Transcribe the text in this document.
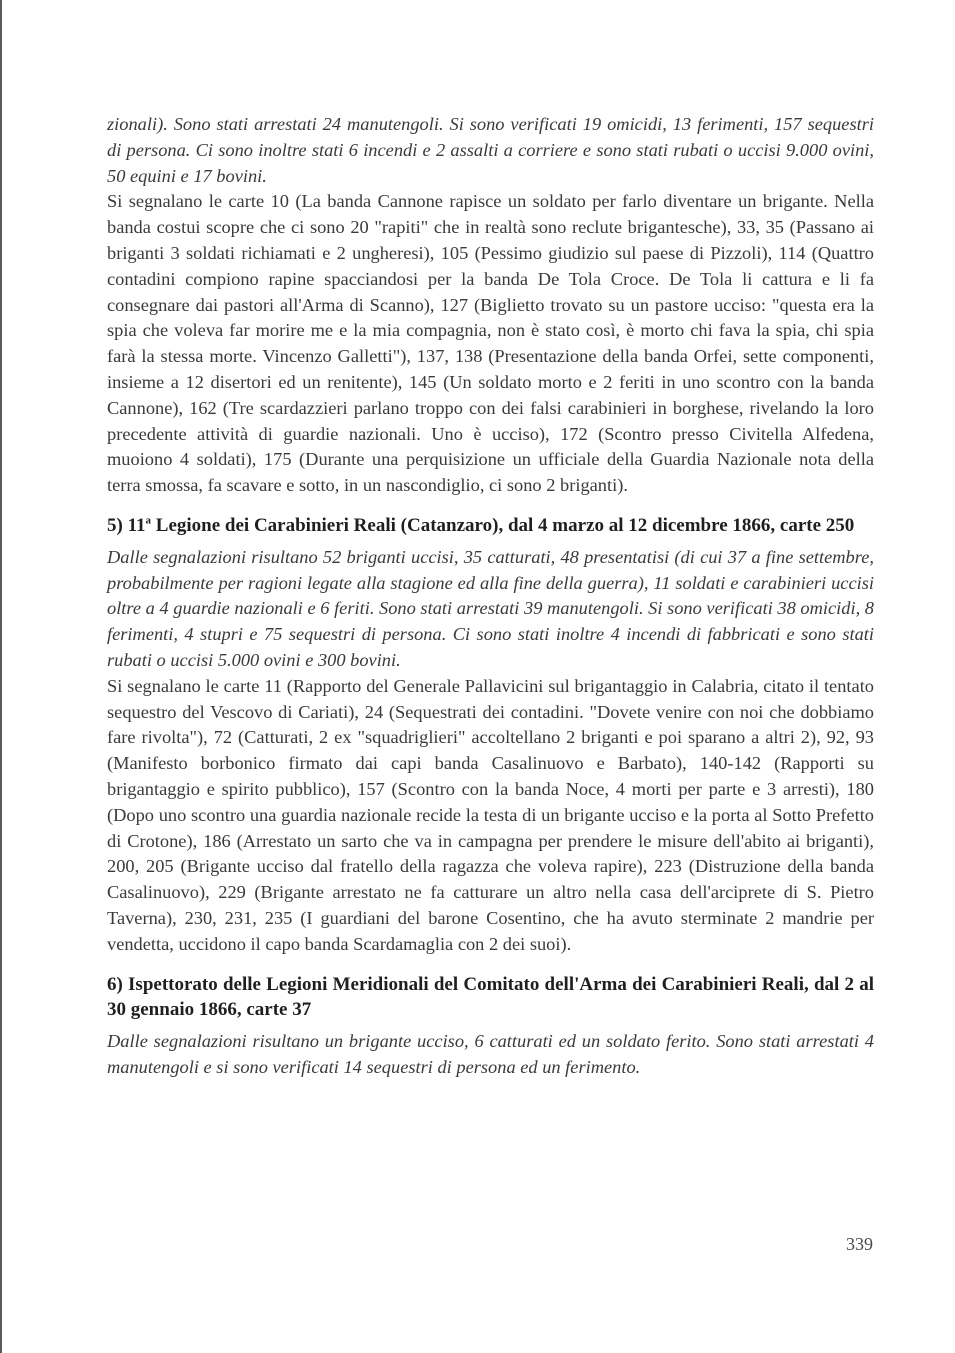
zionali). Sono stati arrestati 24 manutengoli. Si sono verificati 19 omicidi, 13 ferimenti, 157 sequestri di persona. Ci sono inoltre stati 6 incendi e 2 assalti a corriere e sono stati rubati o uccisi 9.000 ovini, 50 equini e 17 bovini.

Si segnalano le carte 10 (La banda Cannone rapisce un soldato per farlo diventare un brigante. Nella banda costui scopre che ci sono 20 "rapiti" che in realtà sono reclute brigantesche), 33, 35 (Passano ai briganti 3 soldati richiamati e 2 ungheresi), 105 (Pessimo giudizio sul paese di Pizzoli), 114 (Quattro contadini compiono rapine spacciandosi per la banda De Tola Croce. De Tola li cattura e li fa consegnare dai pastori all'Arma di Scanno), 127 (Biglietto trovato su un pastore ucciso: "questa era la spia che voleva far morire me e la mia compagnia, non è stato così, è morto chi fava la spia, chi spia farà la stessa morte. Vincenzo Galletti"), 137, 138 (Presentazione della banda Orfei, sette componenti, insieme a 12 disertori ed un renitente), 145 (Un soldato morto e 2 feriti in uno scontro con la banda Cannone), 162 (Tre scardazzieri parlano troppo con dei falsi carabinieri in borghese, rivelando la loro precedente attività di guardie nazionali. Uno è ucciso), 172 (Scontro presso Civitella Alfedena, muoiono 4 soldati), 175 (Durante una perquisizione un ufficiale della Guardia Nazionale nota della terra smossa, fa scavare e sotto, in un nascondiglio, ci sono 2 briganti).

5) 11$^a$ Legione dei Carabinieri Reali (Catanzaro), dal 4 marzo al 12 dicembre 1866, carte 250

Dalle segnalazioni risultano 52 briganti uccisi, 35 catturati, 48 presentatisi (di cui 37 a fine settembre, probabilmente per ragioni legate alla stagione ed alla fine della guerra), 11 soldati e carabinieri uccisi oltre a 4 guardie nazionali e 6 feriti. Sono stati arrestati 39 manutengoli. Si sono verificati 38 omicidi, 8 ferimenti, 4 stupri e 75 sequestri di persona. Ci sono stati inoltre 4 incendi di fabbricati e sono stati rubati o uccisi 5.000 ovini e 300 bovini.

Si segnalano le carte 11 (Rapporto del Generale Pallavicini sul brigantaggio in Calabria, citato il tentato sequestro del Vescovo di Cariati), 24 (Sequestrati dei contadini. "Dovete venire con noi che dobbiamo fare rivolta"), 72 (Catturati, 2 ex "squadriglieri" accoltellano 2 briganti e poi sparano a altri 2), 92, 93 (Manifesto borbonico firmato dai capi banda Casalinuovo e Barbato), 140-142 (Rapporti su brigantaggio e spirito pubblico), 157 (Scontro con la banda Noce, 4 morti per parte e 3 arresti), 180 (Dopo uno scontro una guardia nazionale recide la testa di un brigante ucciso e la porta al Sotto Prefetto di Crotone), 186 (Arrestato un sarto che va in campagna per prendere le misure dell'abito ai briganti), 200, 205 (Brigante ucciso dal fratello della ragazza che voleva rapire), 223 (Distruzione della banda Casalinuovo), 229 (Brigante arrestato ne fa catturare un altro nella casa dell'arciprete di S. Pietro Taverna), 230, 231, 235 (I guardiani del barone Cosentino, che ha avuto sterminate 2 mandrie per vendetta, uccidono il capo banda Scardamaglia con 2 dei suoi).

6) Ispettorato delle Legioni Meridionali del Comitato dell'Arma dei Carabinieri Reali, dal 2 al 30 gennaio 1866, carte 37

Dalle segnalazioni risultano un brigante ucciso, 6 catturati ed un soldato ferito. Sono stati arrestati 4 manutengoli e si sono verificati 14 sequestri di persona ed un ferimento.

339
